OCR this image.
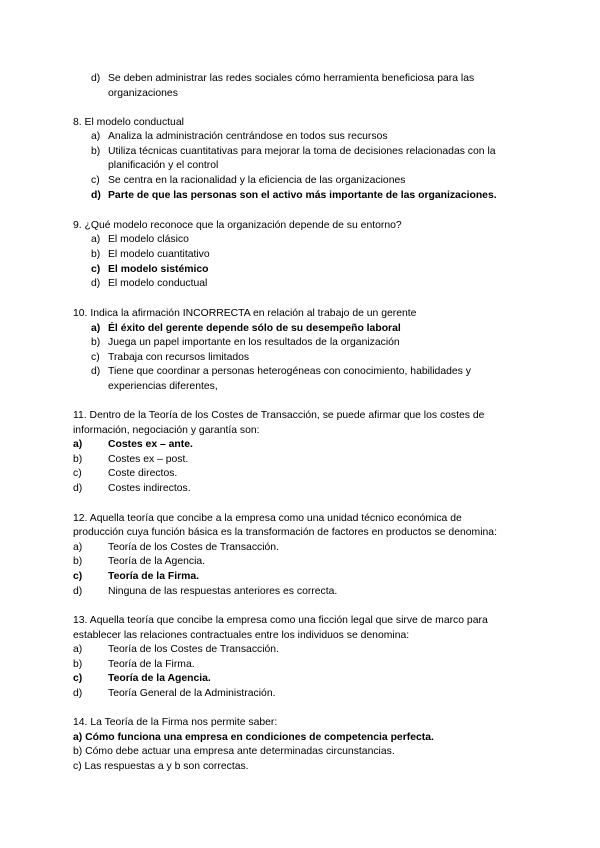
d) Se deben administrar las redes sociales cómo herramienta beneficiosa para las
organizaciones
8. El modelo conductual
a) Analiza la administración centrándose en todos sus recursos
b) Utiliza técnicas cuantitativas para mejorar la toma de decisiones relacionadas con la
planificación y el control
c) Se centra en la racionalidad y la eficiencia de las organizaciones
d) Parte de que las personas son el activo más importante de las organizaciones.
9. ¿Qué modelo reconoce que la organización depende de su entorno?
a) El modelo clásico
b) El modelo cuantitativo
c) El modelo sistémico
d) El modelo conductual
10. Indica la afirmación INCORRECTA en relación al trabajo de un gerente
a) Él éxito del gerente depende sólo de su desempeño laboral
b) Juega un papel importante en los resultados de la organización
c) Trabaja con recursos limitados
d) Tiene que coordinar a personas heterogéneas con conocimiento, habilidades y
experiencias diferentes,
11. Dentro de la Teoría de los Costes de Transacción, se puede afirmar que los costes de
información, negociación y garantía son:
a) Costes ex – ante.
b) Costes ex – post.
c)	Coste directos.
d) Costes indirectos.
12. Aquella teoría que concibe a la empresa como una unidad técnico económica de
producción cuya función básica es la transformación de factores en productos se denomina:
a) Teoría de los Costes de Transacción.
b) Teoría de la Agencia.
c) Teoría de la Firma.
d) Ninguna de las respuestas anteriores es correcta.
13. Aquella teoría que concibe la empresa como una ficción legal que sirve de marco para
establecer las relaciones contractuales entre los individuos se denomina:
a) Teoría de los Costes de Transacción.
b) Teoría de la Firma.
c) Teoría de la Agencia.
d) Teoría General de la Administración.
14. La Teoría de la Firma nos permite saber:
a) Cómo funciona una empresa en condiciones de competencia perfecta.
b) Cómo debe actuar una empresa ante determinadas circunstancias.
c) Las respuestas a y b son correctas.
